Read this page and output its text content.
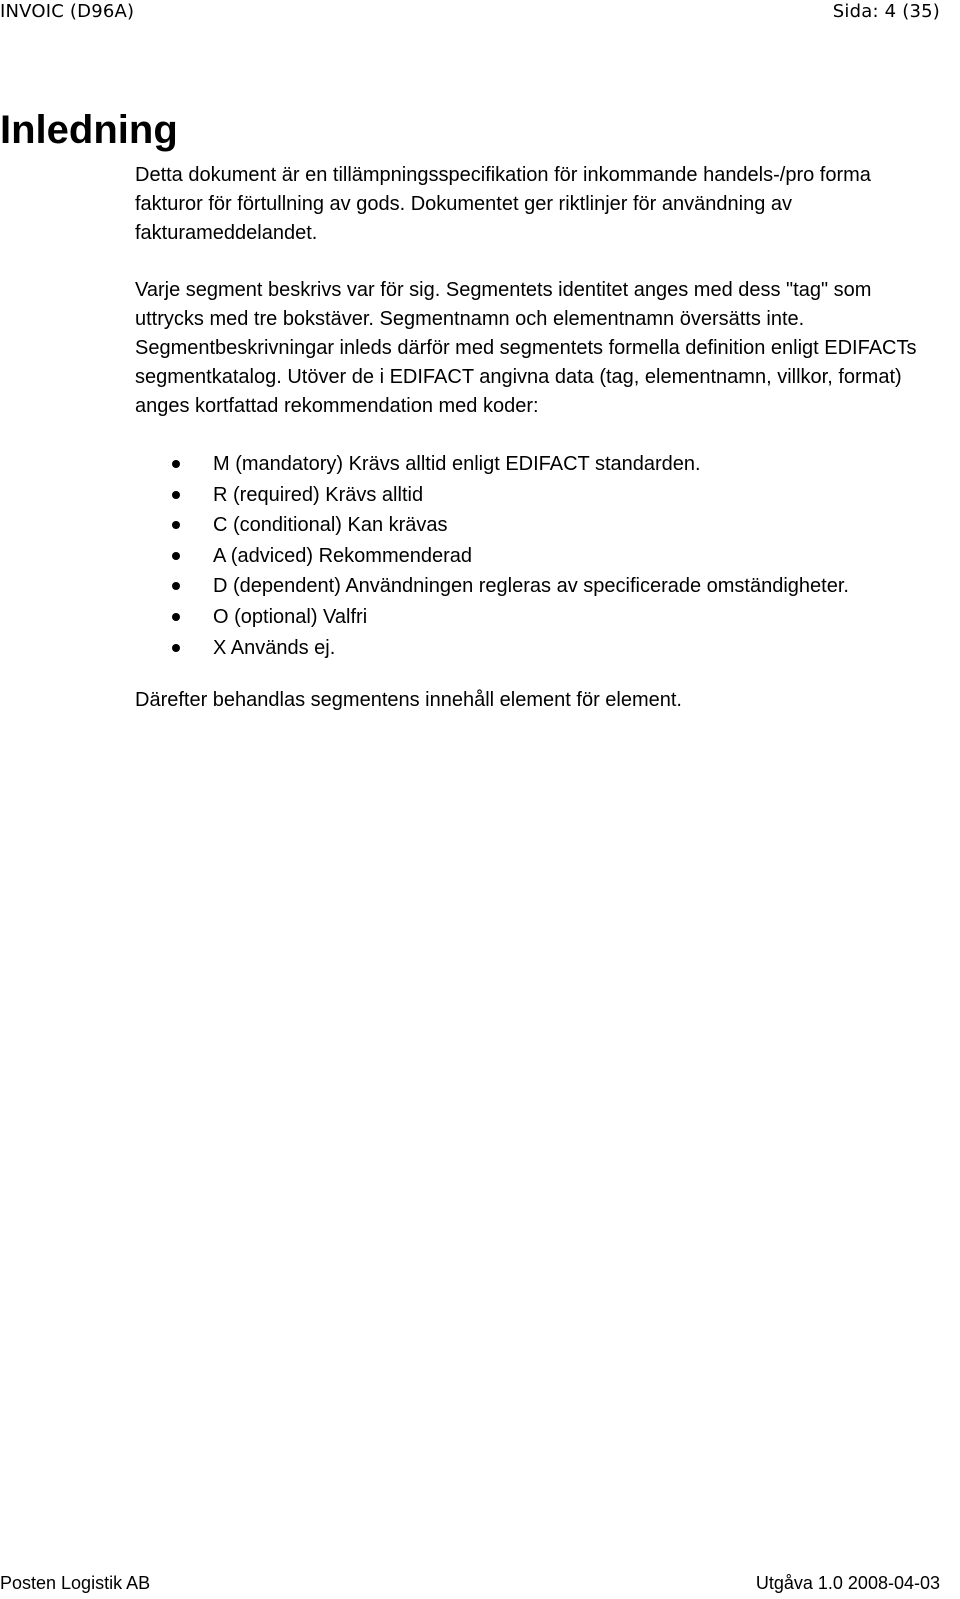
INVOIC (D96A)	Sida: 4 (35)
Inledning

Detta dokument är en tillämpningsspecifikation för inkommande handels-/pro forma fakturor för förtullning av gods. Dokumentet ger riktlinjer för användning av fakturameddelandet.

Varje segment beskrivs var för sig. Segmentets identitet anges med dess "tag" som uttrycks med tre bokstäver. Segmentnamn och elementnamn översätts inte. Segmentbeskrivningar inleds därför med segmentets formella definition enligt EDIFACTs segmentkatalog. Utöver de i EDIFACT angivna data (tag, elementnamn, villkor, format) anges kortfattad rekommendation med koder:

M (mandatory) Krävs alltid enligt EDIFACT standarden.
R (required) Krävs alltid
C (conditional) Kan krävas
A (adviced) Rekommenderad
D (dependent) Användningen regleras av specificerade omständigheter.
O (optional) Valfri
X Används ej.

Därefter behandlas segmentens innehåll element för element.

Posten Logistik AB	Utgåva 1.0 2008-04-03
